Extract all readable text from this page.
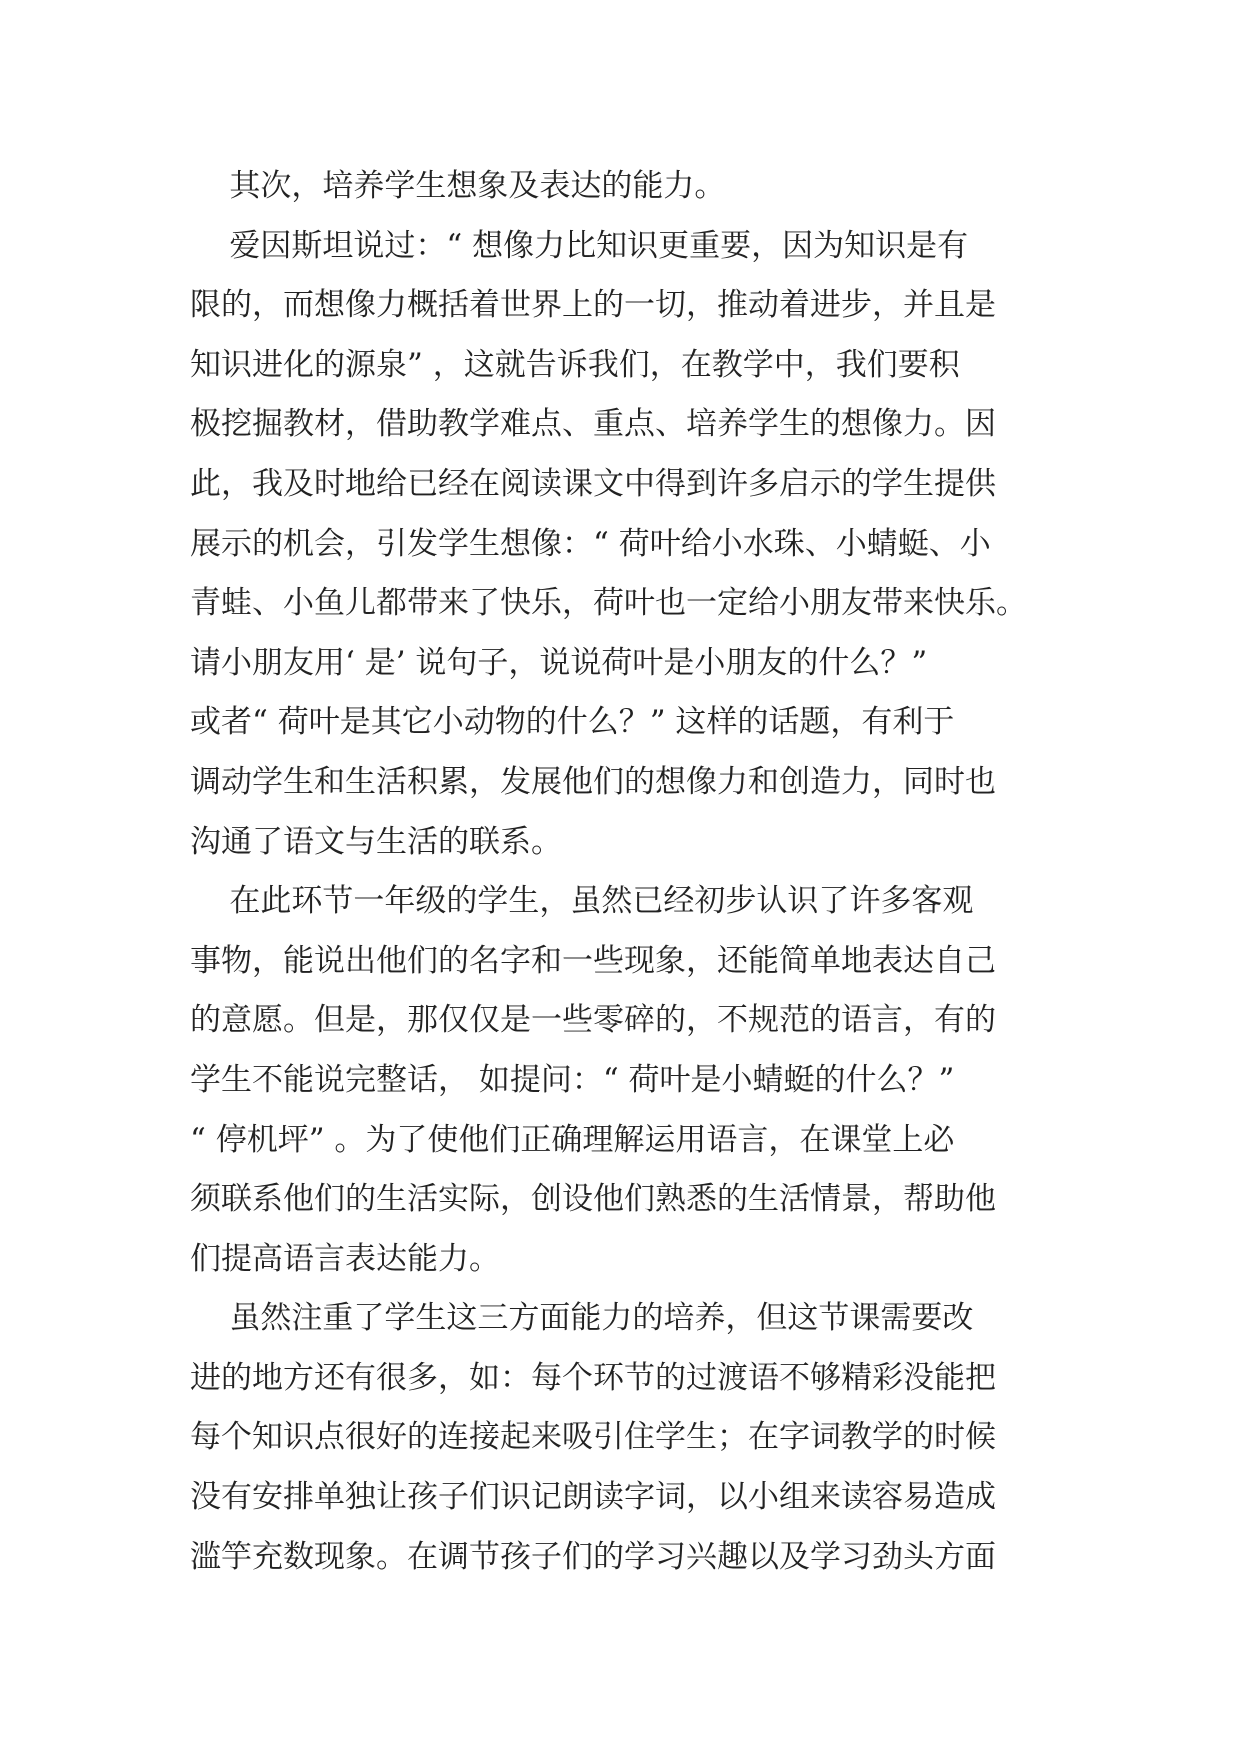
其次，培养学生想象及表达的能力。

爱因斯坦说过：“ 想像力比知识更重要，因为知识是有

限的，而想像力概括着世界上的一切，推动着进步，并且是

知识进化的源泉” ，这就告诉我们，在教学中，我们要积

极挖掘教材，借助教学难点、重点、培养学生的想像力。因

此，我及时地给已经在阅读课文中得到许多启示的学生提供

展示的机会，引发学生想像：“ 荷叶给小水珠、小蜻蜓、小

青蛙、小鱼儿都带来了快乐，荷叶也一定给小朋友带来快乐。

请小朋友用‘ 是’ 说句子，说说荷叶是小朋友的什么？”

或者“ 荷叶是其它小动物的什么？” 这样的话题，有利于

调动学生和生活积累，发展他们的想像力和创造力，同时也

沟通了语文与生活的联系。

在此环节一年级的学生，虽然已经初步认识了许多客观

事物，能说出他们的名字和一些现象，还能简单地表达自己

的意愿。但是，那仅仅是一些零碎的，不规范的语言，有的

学生不能说完整话， 如提问：“ 荷叶是小蜻蜓的什么？”

“ 停机坪” 。为了使他们正确理解运用语言，在课堂上必

须联系他们的生活实际，创设他们熟悉的生活情景，帮助他

们提高语言表达能力。

虽然注重了学生这三方面能力的培养，但这节课需要改

进的地方还有很多，如：每个环节的过渡语不够精彩没能把

每个知识点很好的连接起来吸引住学生；在字词教学的时候

没有安排单独让孩子们识记朗读字词，以小组来读容易造成

滥竽充数现象。在调节孩子们的学习兴趣以及学习劲头方面
